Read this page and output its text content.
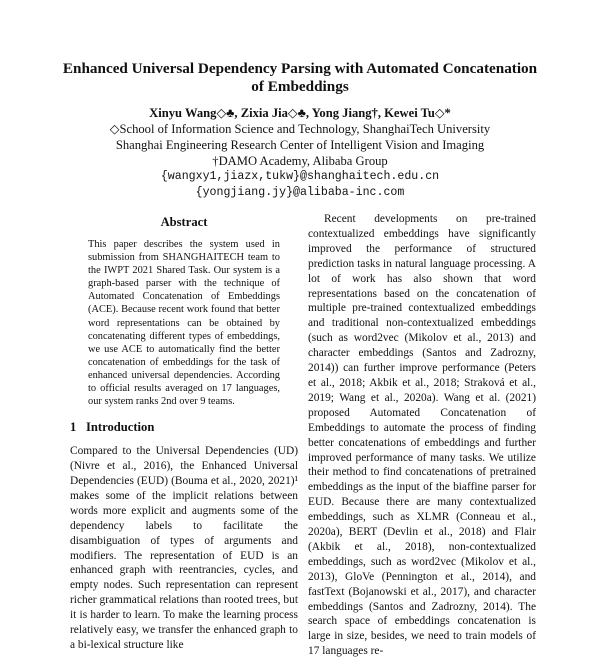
Enhanced Universal Dependency Parsing with Automated Concatenation of Embeddings
Xinyu Wang◇♣, Zixia Jia◇♣, Yong Jiang†, Kewei Tu◇*
◇School of Information Science and Technology, ShanghaiTech University
Shanghai Engineering Research Center of Intelligent Vision and Imaging
†DAMO Academy, Alibaba Group
{wangxy1,jiazx,tukw}@shanghaitech.edu.cn
{yongjiang.jy}@alibaba-inc.com
Abstract

This paper describes the system used in submission from SHANGHAITECH team to the IWPT 2021 Shared Task. Our system is a graph-based parser with the technique of Automated Concatenation of Embeddings (ACE). Because recent work found that better word representations can be obtained by concatenating different types of embeddings, we use ACE to automatically find the better concatenation of embeddings for the task of enhanced universal dependencies. According to official results averaged on 17 languages, our system ranks 2nd over 9 teams.

1 Introduction

Compared to the Universal Dependencies (UD) (Nivre et al., 2016), the Enhanced Universal Dependencies (EUD) (Bouma et al., 2020, 2021)¹ makes some of the implicit relations between words more explicit and augments some of the dependency labels to facilitate the disambiguation of types of arguments and modifiers. The representation of EUD is an enhanced graph with reentrancies, cycles, and empty nodes. Such representation can represent richer grammatical relations than rooted trees, but it is harder to learn. To make the learning process relatively easy, we transfer the enhanced graph to a bi-lexical structure like

Recent developments on pre-trained contextualized embeddings have significantly improved the performance of structured prediction tasks in natural language processing. A lot of work has also shown that word representations based on the concatenation of multiple pre-trained contextualized embeddings and traditional non-contextualized embeddings (such as word2vec (Mikolov et al., 2013) and character embeddings (Santos and Zadrozny, 2014)) can further improve performance (Peters et al., 2018; Akbik et al., 2018; Straková et al., 2019; Wang et al., 2020a). Wang et al. (2021) proposed Automated Concatenation of Embeddings to automate the process of finding better concatenations of embeddings and further improved performance of many tasks. We utilize their method to find concatenations of pretrained embeddings as the input of the biaffine parser for EUD. Because there are many contextualized embeddings, such as XLMR (Conneau et al., 2020a), BERT (Devlin et al., 2018) and Flair (Akbik et al., 2018), non-contextualized embeddings, such as word2vec (Mikolov et al., 2013), GloVe (Pennington et al., 2014), and fastText (Bojanowski et al., 2017), and character embeddings (Santos and Zadrozny, 2014). The search space of embeddings concatenation is large in size, besides, we need to train models of 17 languages re-
